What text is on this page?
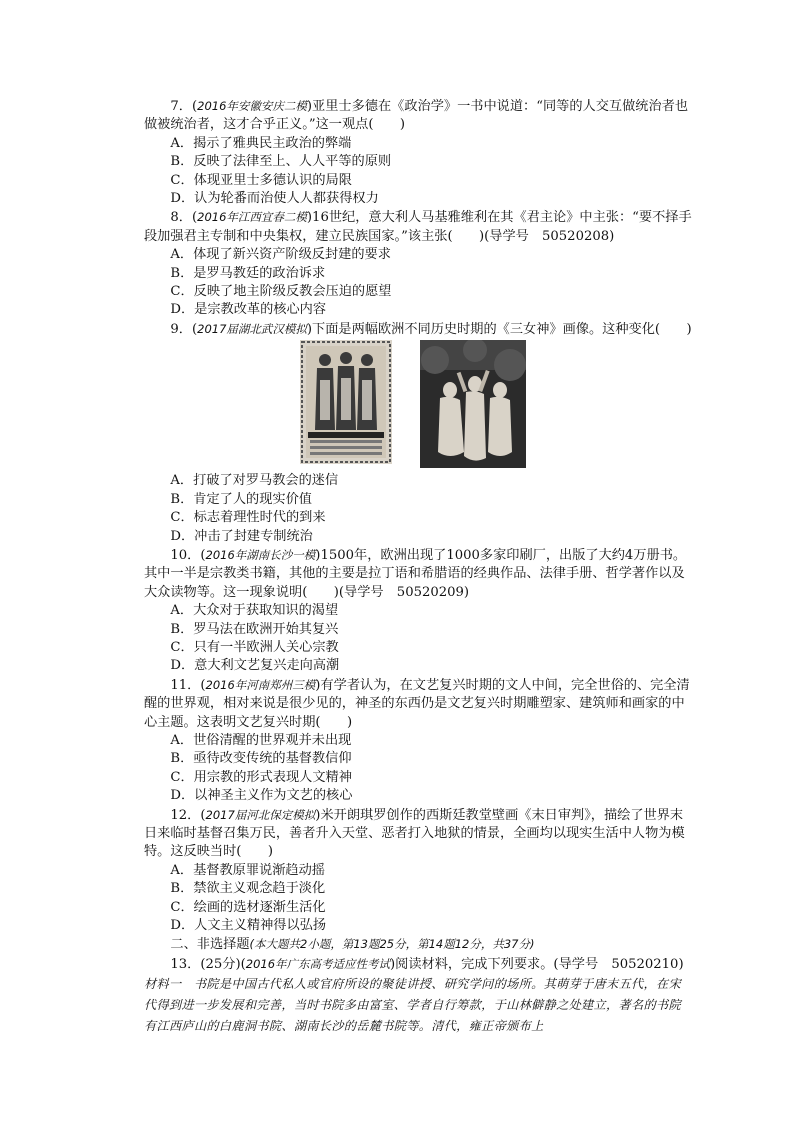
7．(2016年安徽安庆二模)亚里士多德在《政治学》一书中说道：“同等的人交互做统治者也做被统治者，这才合乎正义。”这一观点(　　)

A．揭示了雅典民主政治的弊端

B．反映了法律至上、人人平等的原则

C．体现亚里士多德认识的局限

D．认为轮番而治使人人都获得权力

8．(2016年江西宜春二模)16世纪，意大利人马基雅维利在其《君主论》中主张：“要不择手段加强君主专制和中央集权，建立民族国家。”该主张(　　)(导学号　50520208)

A．体现了新兴资产阶级反封建的要求

B．是罗马教廷的政治诉求

C．反映了地主阶级反教会压迫的愿望

D．是宗教改革的核心内容

9．(2017届湖北武汉模拟)下面是两幅欧洲不同历史时期的《三女神》画像。这种变化(　　)

A．打破了对罗马教会的迷信

B．肯定了人的现实价值

C．标志着理性时代的到来

D．冲击了封建专制统治

10．(2016年湖南长沙一模)1500年，欧洲出现了1000多家印刷厂，出版了大约4万册书。其中一半是宗教类书籍，其他的主要是拉丁语和希腊语的经典作品、法律手册、哲学著作以及大众读物等。这一现象说明(　　)(导学号　50520209)

A．大众对于获取知识的渴望

B．罗马法在欧洲开始其复兴

C．只有一半欧洲人关心宗教

D．意大利文艺复兴走向高潮

11．(2016年河南郑州三模)有学者认为，在文艺复兴时期的文人中间，完全世俗的、完全清醒的世界观，相对来说是很少见的，神圣的东西仍是文艺复兴时期雕塑家、建筑师和画家的中心主题。这表明文艺复兴时期(　　)

A．世俗清醒的世界观并未出现

B．亟待改变传统的基督教信仰

C．用宗教的形式表现人文精神

D．以神圣主义作为文艺的核心

12．(2017届河北保定模拟)米开朗琪罗创作的西斯廷教堂壁画《末日审判》，描绘了世界末日来临时基督召集万民，善者升入天堂、恶者打入地狱的情景，全画均以现实生活中人物为模特。这反映当时(　　)

A．基督教原罪说渐趋动摇

B．禁欲主义观念趋于淡化

C．绘画的选材逐渐生活化

D．人文主义精神得以弘扬

二、非选择题(本大题共2小题，第13题25分，第14题12分，共37分)

13．(25分)(2016年广东高考适应性考试)阅读材料，完成下列要求。(导学号　50520210)

材料一　书院是中国古代私人或官府所设的聚徒讲授、研究学问的场所。其萌芽于唐末五代，在宋代得到进一步发展和完善，当时书院多由富室、学者自行筹款，于山林僻静之处建立，著名的书院有江西庐山的白鹿洞书院、湖南长沙的岳麓书院等。清代，雍正帝颁布上
